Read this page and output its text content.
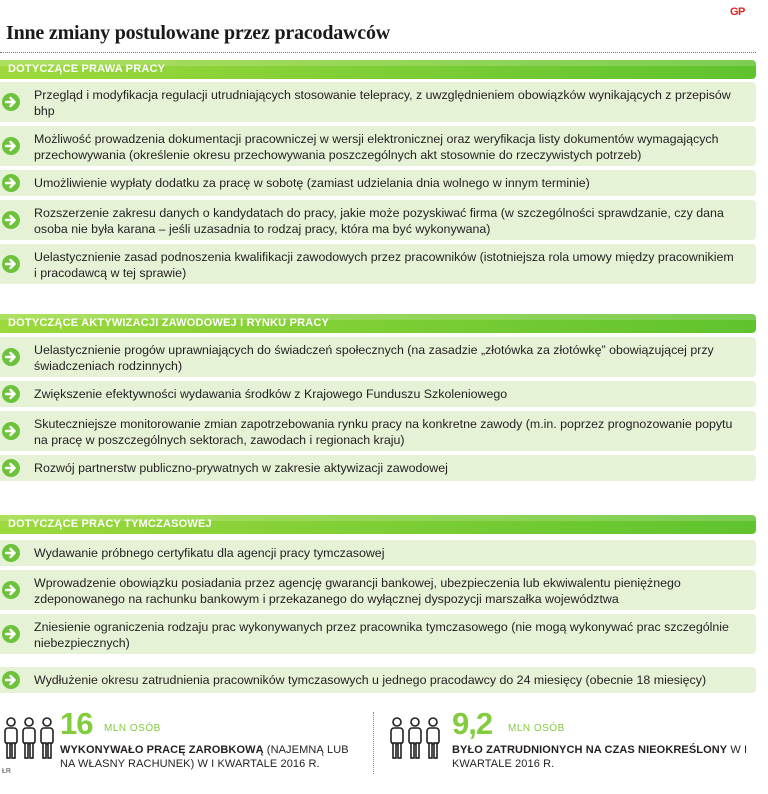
Inne zmiany postulowane przez pracodawców
GP
DOTYCZĄCE PRAWA PRACY
Przegląd i modyfikacja regulacji utrudniających stosowanie telepracy, z uwzględnieniem obowiązków wynikających z przepisów bhp
Możliwość prowadzenia dokumentacji pracowniczej w wersji elektronicznej oraz weryfikacja listy dokumentów wymagających przechowywania (określenie okresu przechowywania poszczególnych akt stosownie do rzeczywistych potrzeb)
Umożliwienie wypłaty dodatku za pracę w sobotę (zamiast udzielania dnia wolnego w innym terminie)
Rozszerzenie zakresu danych o kandydatach do pracy, jakie może pozyskiwać firma (w szczególności sprawdzanie, czy dana osoba nie była karana – jeśli uzasadnia to rodzaj pracy, która ma być wykonywana)
Uelastycznienie zasad podnoszenia kwalifikacji zawodowych przez pracowników (istotniejsza rola umowy między pracownikiem i pracodawcą w tej sprawie)
DOTYCZĄCE AKTYWIZACJI ZAWODOWEJ I RYNKU PRACY
Uelastycznienie progów uprawniających do świadczeń społecznych (na zasadzie „złotówka za złotówkę” obowiązującej przy świadczeniach rodzinnych)
Zwiększenie efektywności wydawania środków z Krajowego Funduszu Szkoleniowego
Skuteczniejsze monitorowanie zmian zapotrzebowania rynku pracy na konkretne zawody (m.in. poprzez prognozowanie popytu na pracę w poszczególnych sektorach, zawodach i regionach kraju)
Rozwój partnerstw publiczno-prywatnych w zakresie aktywizacji zawodowej
DOTYCZĄCE PRACY TYMCZASOWEJ
Wydawanie próbnego certyfikatu dla agencji pracy tymczasowej
Wprowadzenie obowiązku posiadania przez agencję gwarancji bankowej, ubezpieczenia lub ekwiwalentu pieniężnego zdeponowanego na rachunku bankowym i przekazanego do wyłącznej dyspozycji marszałka województwa
Zniesienie ograniczenia rodzaju prac wykonywanych przez pracownika tymczasowego (nie mogą wykonywać prac szczególnie niebezpiecznych)
Wydłużenie okresu zatrudnienia pracowników tymczasowych u jednego pracodawcy do 24 miesięcy (obecnie 18 miesięcy)
16 MLN OSÓB
WYKONYWAŁO PRACĘ ZAROBKOWĄ (NAJEMNĄ LUB NA WŁASNY RACHUNEK) W I KWARTALE 2016 R.
9,2 MLN OSÓB
BYŁO ZATRUDNIONYCH NA CZAS NIEOKREŚLONY W I KWARTALE 2016 R.
ŁR
